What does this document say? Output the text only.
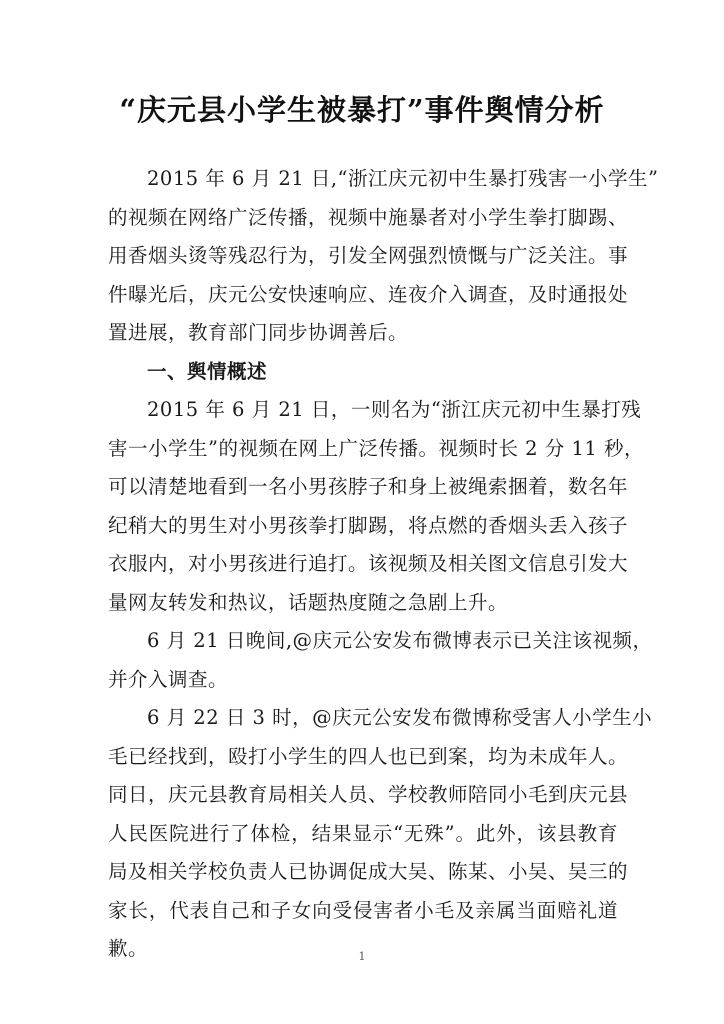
“庆元县小学生被暴打”事件舆情分析
2015 年 6 月 21 日,“浙江庆元初中生暴打残害一小学生”
的视频在网络广泛传播，视频中施暴者对小学生拳打脚踢、
用香烟头烫等残忍行为，引发全网强烈愤慨与广泛关注。事
件曝光后，庆元公安快速响应、连夜介入调查，及时通报处
置进展，教育部门同步协调善后。
一、舆情概述
2015 年 6 月 21 日，一则名为“浙江庆元初中生暴打残
害一小学生”的视频在网上广泛传播。视频时长 2 分 11 秒，
可以清楚地看到一名小男孩脖子和身上被绳索捆着，数名年
纪稍大的男生对小男孩拳打脚踢，将点燃的香烟头丢入孩子
衣服内，对小男孩进行追打。该视频及相关图文信息引发大
量网友转发和热议，话题热度随之急剧上升。
6 月 21 日晚间,@庆元公安发布微博表示已关注该视频，
并介入调查。
6 月 22 日 3 时，@庆元公安发布微博称受害人小学生小
毛已经找到，殴打小学生的四人也已到案，均为未成年人。
同日，庆元县教育局相关人员、学校教师陪同小毛到庆元县
人民医院进行了体检，结果显示“无殊”。此外，该县教育
局及相关学校负责人已协调促成大吴、陈某、小吴、吴三的
家长，代表自己和子女向受侵害者小毛及亲属当面赔礼道
歉。	1
